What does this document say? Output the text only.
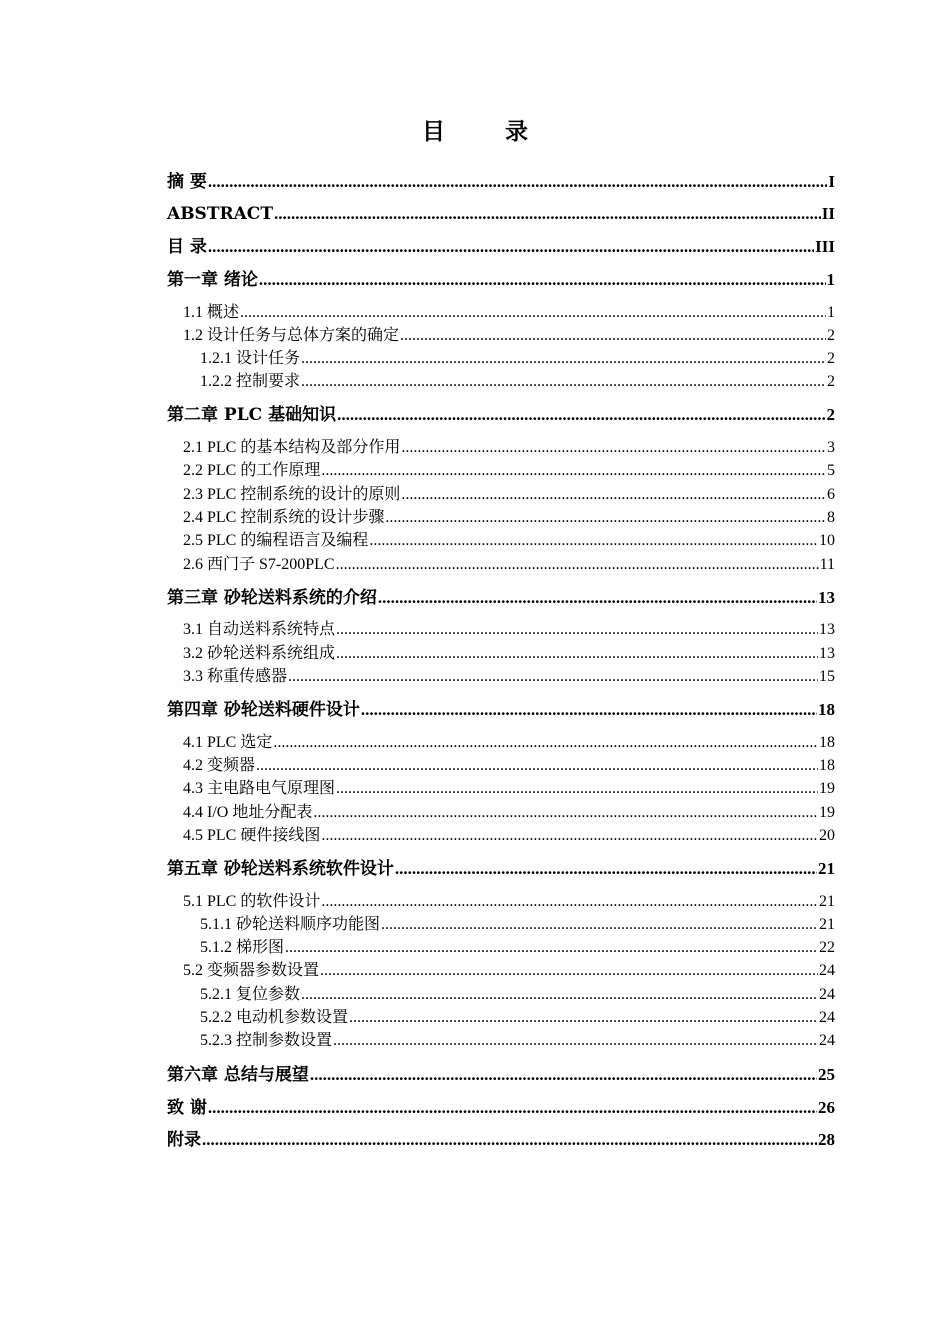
目 录
摘 要 .....	I
ABSTRACT .....	II
目 录 .....	III
第一章 绪论 .....	1
1.1 概述 .....	1
1.2 设计任务与总体方案的确定 .....	2
1.2.1 设计任务 .....	2
1.2.2 控制要求 .....	2
第二章 PLC 基础知识 .....	2
2.1 PLC 的基本结构及部分作用 .....	3
2.2 PLC 的工作原理 .....	5
2.3 PLC 控制系统的设计的原则 .....	6
2.4 PLC 控制系统的设计步骤 .....	8
2.5 PLC 的编程语言及编程 .....	10
2.6 西门子 S7-200PLC .....	11
第三章 砂轮送料系统的介绍 .....	13
3.1 自动送料系统特点 .....	13
3.2 砂轮送料系统组成 .....	13
3.3 称重传感器 .....	15
第四章 砂轮送料硬件设计 .....	18
4.1 PLC 选定 .....	18
4.2 变频器 .....	18
4.3 主电路电气原理图 .....	19
4.4 I/O 地址分配表 .....	19
4.5 PLC 硬件接线图 .....	20
第五章 砂轮送料系统软件设计 .....	21
5.1 PLC 的软件设计 .....	21
5.1.1 砂轮送料顺序功能图 .....	21
5.1.2 梯形图 .....	22
5.2 变频器参数设置 .....	24
5.2.1 复位参数 .....	24
5.2.2 电动机参数设置 .....	24
5.2.3 控制参数设置 .....	24
第六章 总结与展望 .....	25
致 谢 .....	26
附录 .....	28
